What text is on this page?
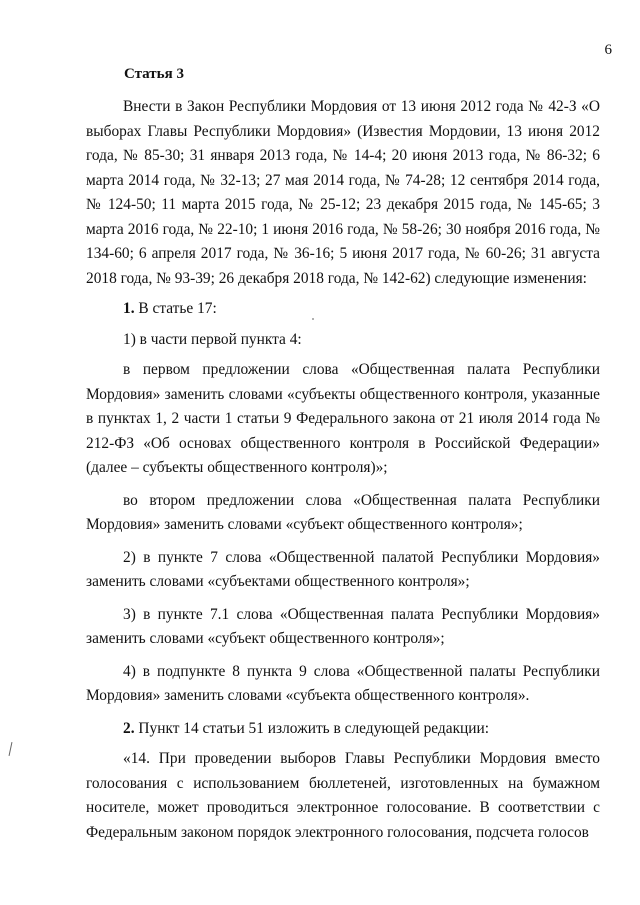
6
Статья 3

Внести в Закон Республики Мордовия от 13 июня 2012 года № 42-З «О выборах Главы Республики Мордовия» (Известия Мордовии, 13 июня 2012 года, № 85-30; 31 января 2013 года, № 14-4; 20 июня 2013 года, № 86-32; 6 марта 2014 года, № 32-13; 27 мая 2014 года, № 74-28; 12 сентября 2014 года, № 124-50; 11 марта 2015 года, № 25-12; 23 декабря 2015 года, № 145-65; 3 марта 2016 года, № 22-10; 1 июня 2016 года, № 58-26; 30 ноября 2016 года, № 134-60; 6 апреля 2017 года, № 36-16; 5 июня 2017 года, № 60-26; 31 августа 2018 года, № 93-39; 26 декабря 2018 года, № 142-62) следующие изменения:

1. В статье 17:

1) в части первой пункта 4:

в первом предложении слова «Общественная палата Республики Мордовия» заменить словами «субъекты общественного контроля, указанные в пунктах 1, 2 части 1 статьи 9 Федерального закона от 21 июля 2014 года № 212-ФЗ «Об основах общественного контроля в Российской Федерации» (далее – субъекты общественного контроля)»;

во втором предложении слова «Общественная палата Республики Мордовия» заменить словами «субъект общественного контроля»;

2) в пункте 7 слова «Общественной палатой Республики Мордовия» заменить словами «субъектами общественного контроля»;

3) в пункте 7.1 слова «Общественная палата Республики Мордовия» заменить словами «субъект общественного контроля»;

4) в подпункте 8 пункта 9 слова «Общественной палаты Республики Мордовия» заменить словами «субъекта общественного контроля».

2. Пункт 14 статьи 51 изложить в следующей редакции:

«14. При проведении выборов Главы Республики Мордовия вместо голосования с использованием бюллетеней, изготовленных на бумажном носителе, может проводиться электронное голосование. В соответствии с Федеральным законом порядок электронного голосования, подсчета голосов
